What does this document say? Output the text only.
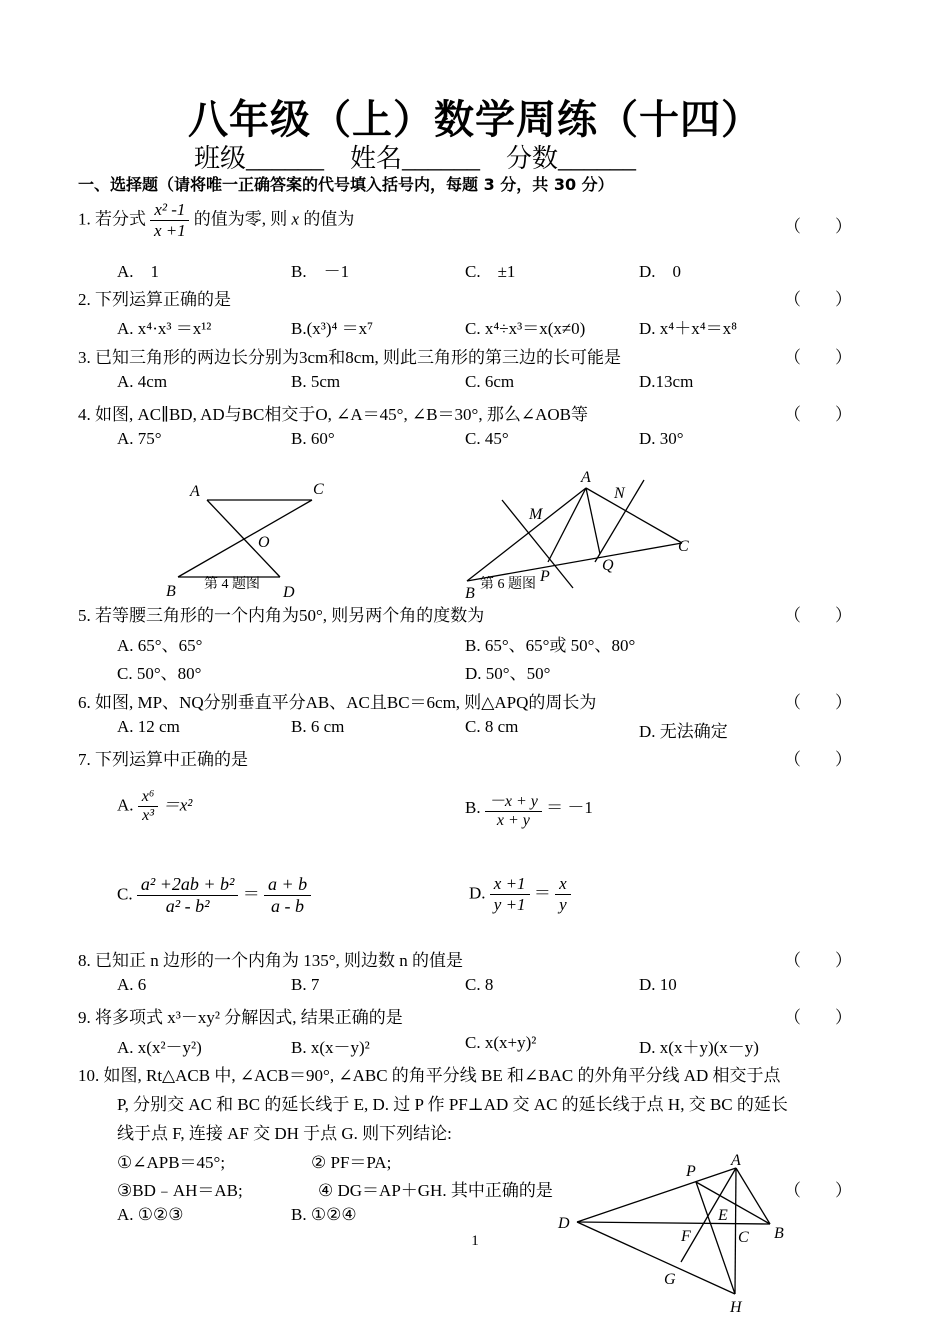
八年级（上）数学周练（十四）
班级______　姓名______　分数______
一、选择题（请将唯一正确答案的代号填入括号内，每题 3 分，共 30 分）
1. 若分式 $\frac{\text{x² -1}}{x +1}$ 的值为零, 则 x 的值为	（　　）
A.　1	B.　－1	C.　±1	D.　0
2. 下列运算正确的是	（　　）
A. x⁴·x³ ＝x¹²	B.(x³)⁴ ＝x⁷	C. x⁴÷x³＝x(x≠0)	D. x⁴＋x⁴＝x⁸
3. 已知三角形的两边长分别为3cm和8cm, 则此三角形的第三边的长可能是	（　　）
A. 4cm	B. 5cm	C. 6cm	D.13cm
4. 如图, AC∥BD, AD与BC相交于O, ∠A＝45°, ∠B＝30°, 那么∠AOB等	（　　）
A. 75°	B. 60°	C. 45°	D. 30°
A	C
O
B	D
第 4 题图
A
N
M
C
Q
P
B
第 6 题图
5. 若等腰三角形的一个内角为50°, 则另两个角的度数为	（　　）
A. 65°、65°	B. 65°、65°或 50°、80°
C. 50°、80°	D. 50°、50°
6. 如图, MP、NQ分别垂直平分AB、AC且BC＝6cm, 则△APQ的周长为	（　　）
A. 12 cm	B. 6 cm	C. 8 cm	D. 无法确定
7. 下列运算中正确的是	（　　）
A. $\frac{\text{x⁶}}{\text{x³}} =x^2$	B. $\frac{-x + y}{x + y} = -1$
C. $\frac{\text{a² +2ab + b²}}{\text{a² - b²}} = \frac{a + b}{a - b}$	D. $\frac{x +1}{y +1} = \frac{x}{y}$
8. 已知正 n 边形的一个内角为 135°, 则边数 n 的值是	（　　）
A. 6	B. 7	C. 8	D. 10
9. 将多项式 x³－xy² 分解因式, 结果正确的是	（　　）
A. x(x²－y²)	B. x(x－y)²	C. x(x+y)²	D. x(x＋y)(x－y)
10. 如图, Rt△ACB 中, ∠ACB＝90°, ∠ABC 的角平分线 BE 和∠BAC 的外角平分线 AD 相交于点
P, 分别交 AC 和 BC 的延长线于 E, D. 过 P 作 PF⊥AD 交 AC 的延长线于点 H, 交 BC 的延长
线于点 F, 连接 AF 交 DH 于点 G. 则下列结论:
①∠APB＝45°;	② PF＝PA;
③BD﹣AH＝AB;	④ DG＝AP＋GH. 其中正确的是	（　　）
A. ①②③	B. ①②④
P
A
E
B
D
F	C
G
H
1
